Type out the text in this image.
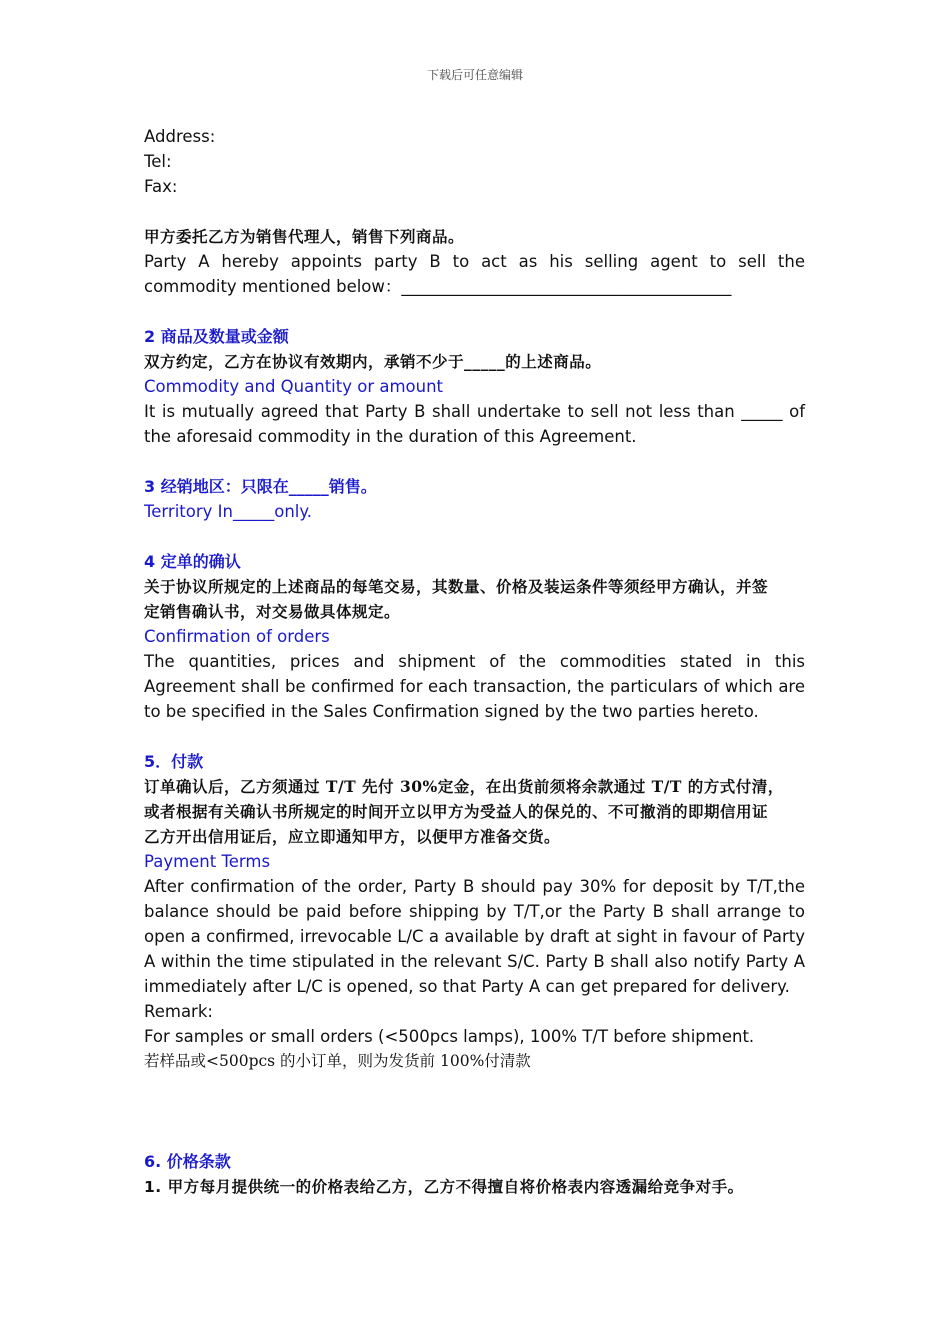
下载后可任意编辑
Address:
Tel:
Fax:
甲方委托乙方为销售代理人，销售下列商品。
Party A hereby appoints party B to act as his selling agent to sell the
commodity mentioned below：________________________________________
2 商品及数量或金额
双方约定，乙方在协议有效期内，承销不少于_____的上述商品。
Commodity and Quantity or amount
It is mutually agreed that Party B shall undertake to sell not less than _____ of the aforesaid commodity in the duration of this Agreement.
3 经销地区：只限在_____销售。
Territory In_____only.
4 定单的确认
关于协议所规定的上述商品的每笔交易，其数量、价格及装运条件等须经甲方确认，并签
定销售确认书，对交易做具体规定。
Confirmation of orders
The quantities, prices and shipment of the commodities stated in this Agreement shall be confirmed for each transaction, the particulars of which are to be specified in the Sales Confirmation signed by the two parties hereto.
5．付款
订单确认后，乙方须通过 T/T 先付 30%定金，在出货前须将余款通过 T/T 的方式付清，
或者根据有关确认书所规定的时间开立以甲方为受益人的保兑的、不可撤消的即期信用证
乙方开出信用证后，应立即通知甲方，以便甲方准备交货。
Payment Terms
After confirmation of the order, Party B should pay 30% for deposit by T/T,the balance should be paid before shipping by T/T,or the Party B shall arrange to open a confirmed, irrevocable L/C a available by draft at sight in favour of Party A within the time stipulated in the relevant S/C. Party B shall also notify Party A immediately after L/C is opened, so that Party A can get prepared for delivery.
Remark:
For samples or small orders (<500pcs lamps), 100% T/T before shipment.
若样品或<500pcs 的小订单，则为发货前 100%付清款
6. 价格条款
1. 甲方每月提供统一的价格表给乙方，乙方不得擅自将价格表内容透漏给竞争对手。
